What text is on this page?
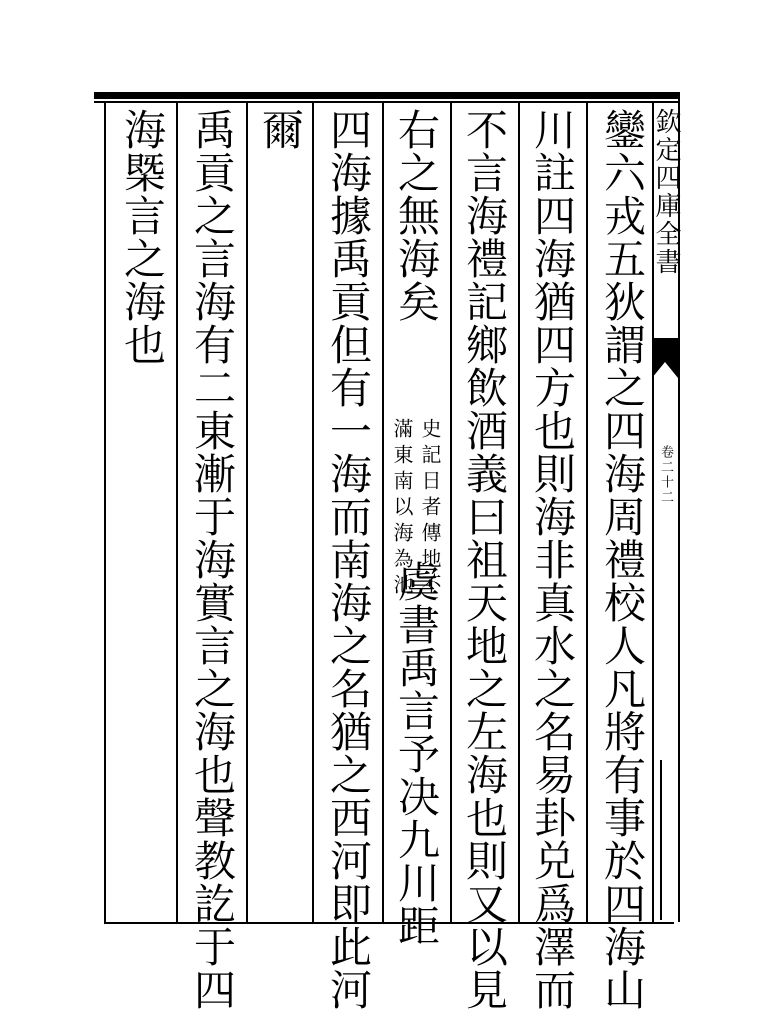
欽定四庫全書
卷二十二
鑾六戎五狄謂之四海周禮校人凡將有事於四海山
川註四海猶四方也則海非真水之名易卦兑爲澤而
不言海禮記鄉飲酒義曰祖天地之左海也則又以見
右之無海矣
史記日者傳地不
滿東南以海為池
虞書禹言予决九川距
四海據禹貢但有一海而南海之名猶之西河即此河
爾
禹貢之言海有二東漸于海實言之海也聲教訖于四
海槩言之海也
